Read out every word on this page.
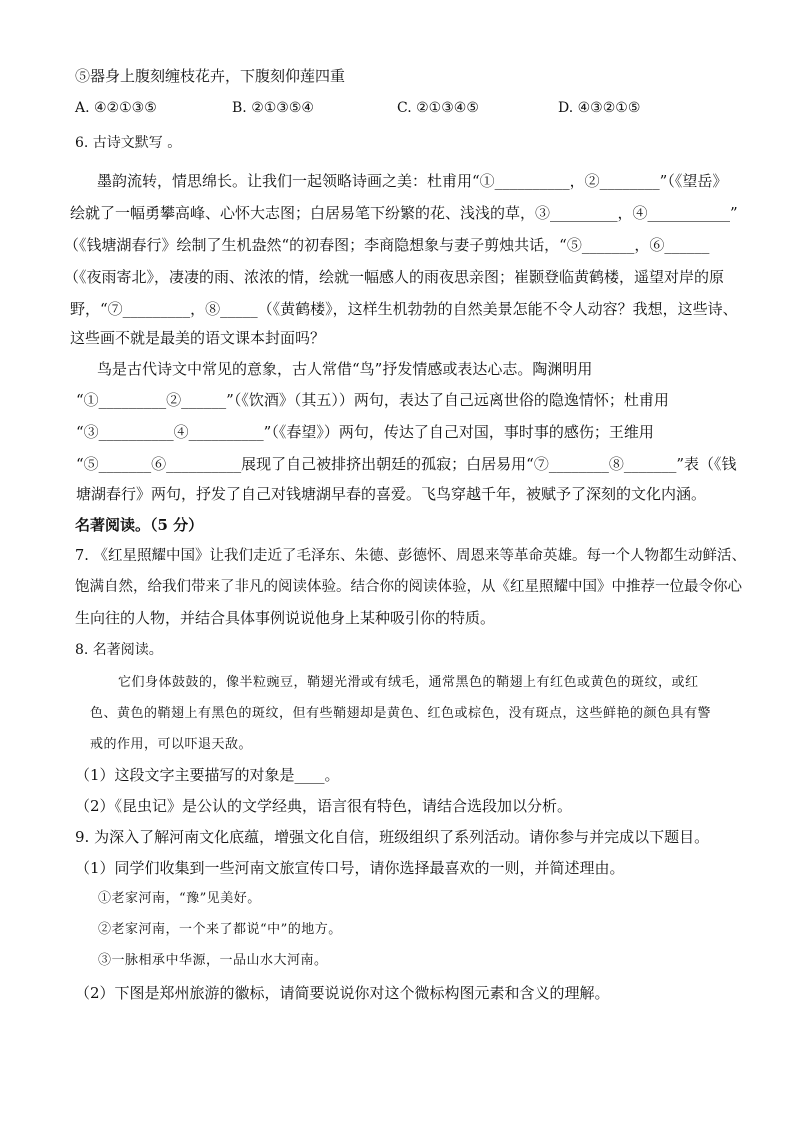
⑤器身上腹刻缠枝花卉，下腹刻仰莲四重
A. ④②①③⑤	B. ②①③⑤④	C. ②①③④⑤	D. ④③②①⑤
6. 古诗文默写 。
墨韵流转，情思绵长。让我们一起领略诗画之美：杜甫用“①__________，②________”（《望岳》
绘就了一幅勇攀高峰、心怀大志图；白居易笔下纷繁的花、浅浅的草，③_________，④___________”
（《钱塘湖春行》绘制了生机盎然“的初春图；李商隐想象与妻子剪烛共话，“⑤_______，⑥______
（《夜雨寄北》，凄凄的雨、浓浓的情，绘就一幅感人的雨夜思亲图；崔颢登临黄鹤楼，遥望对岸的原
野，“⑦_________，⑧_____（《黄鹤楼》，这样生机勃勃的自然美景怎能不令人动容？我想，这些诗、
这些画不就是最美的语文课本封面吗？
鸟是古代诗文中常见的意象，古人常借“鸟”抒发情感或表达心志。陶渊明用
“①_________②______”（《饮酒》（其五））两句，表达了自己远离世俗的隐逸情怀；杜甫用
“③__________④__________”（《春望》）两句，传达了自己对国，事时事的感伤；王维用
“⑤_______⑥__________展现了自己被排挤出朝廷的孤寂；白居易用“⑦________⑧_______”表（《钱
塘湖春行》两句，抒发了自己对钱塘湖早春的喜爱。飞鸟穿越千年，被赋予了深刻的文化内涵。
名著阅读。（5 分）
7. 《红星照耀中国》让我们走近了毛泽东、朱德、彭德怀、周恩来等革命英雄。每一个人物都生动鲜活、
饱满自然，给我们带来了非凡的阅读体验。结合你的阅读体验，从《红星照耀中国》中推荐一位最令你心
生向往的人物，并结合具体事例说说他身上某种吸引你的特质。
8. 名著阅读。
它们身体鼓鼓的，像半粒豌豆，鞘翅光滑或有绒毛，通常黑色的鞘翅上有红色或黄色的斑纹，或红
色、黄色的鞘翅上有黑色的斑纹，但有些鞘翅却是黄色、红色或棕色，没有斑点，这些鲜艳的颜色具有警
戒的作用，可以吓退天敌。
（1）这段文字主要描写的对象是____。
（2）《昆虫记》是公认的文学经典，语言很有特色，请结合选段加以分析。
9. 为深入了解河南文化底蕴，增强文化自信，班级组织了系列活动。请你参与并完成以下题目。
（1）同学们收集到一些河南文旅宣传口号，请你选择最喜欢的一则，并简述理由。
①老家河南，“豫”见美好。
②老家河南，一个来了都说“中”的地方。
③一脉相承中华源，一品山水大河南。
（2）下图是郑州旅游的徽标，请简要说说你对这个微标构图元素和含义的理解。
